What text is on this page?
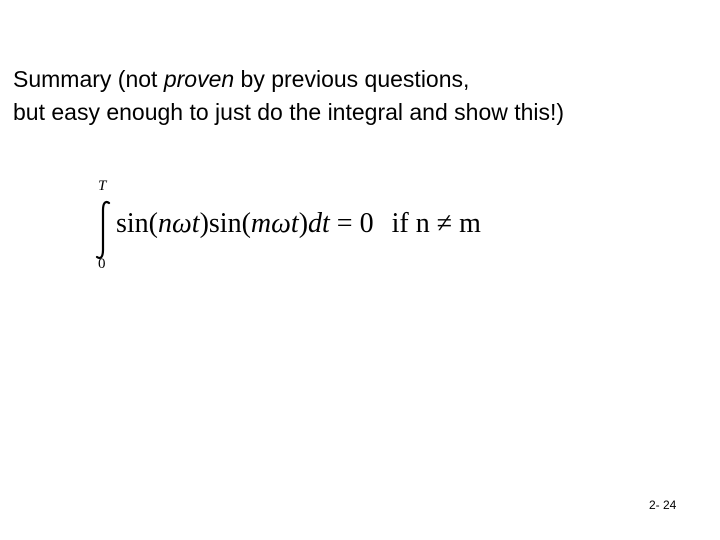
Summary (not proven by previous questions,
but easy enough to just do the integral and show this!)
T
0
sin(nωt)sin(mωt)dt = 0 if n ≠ m
2- 24
